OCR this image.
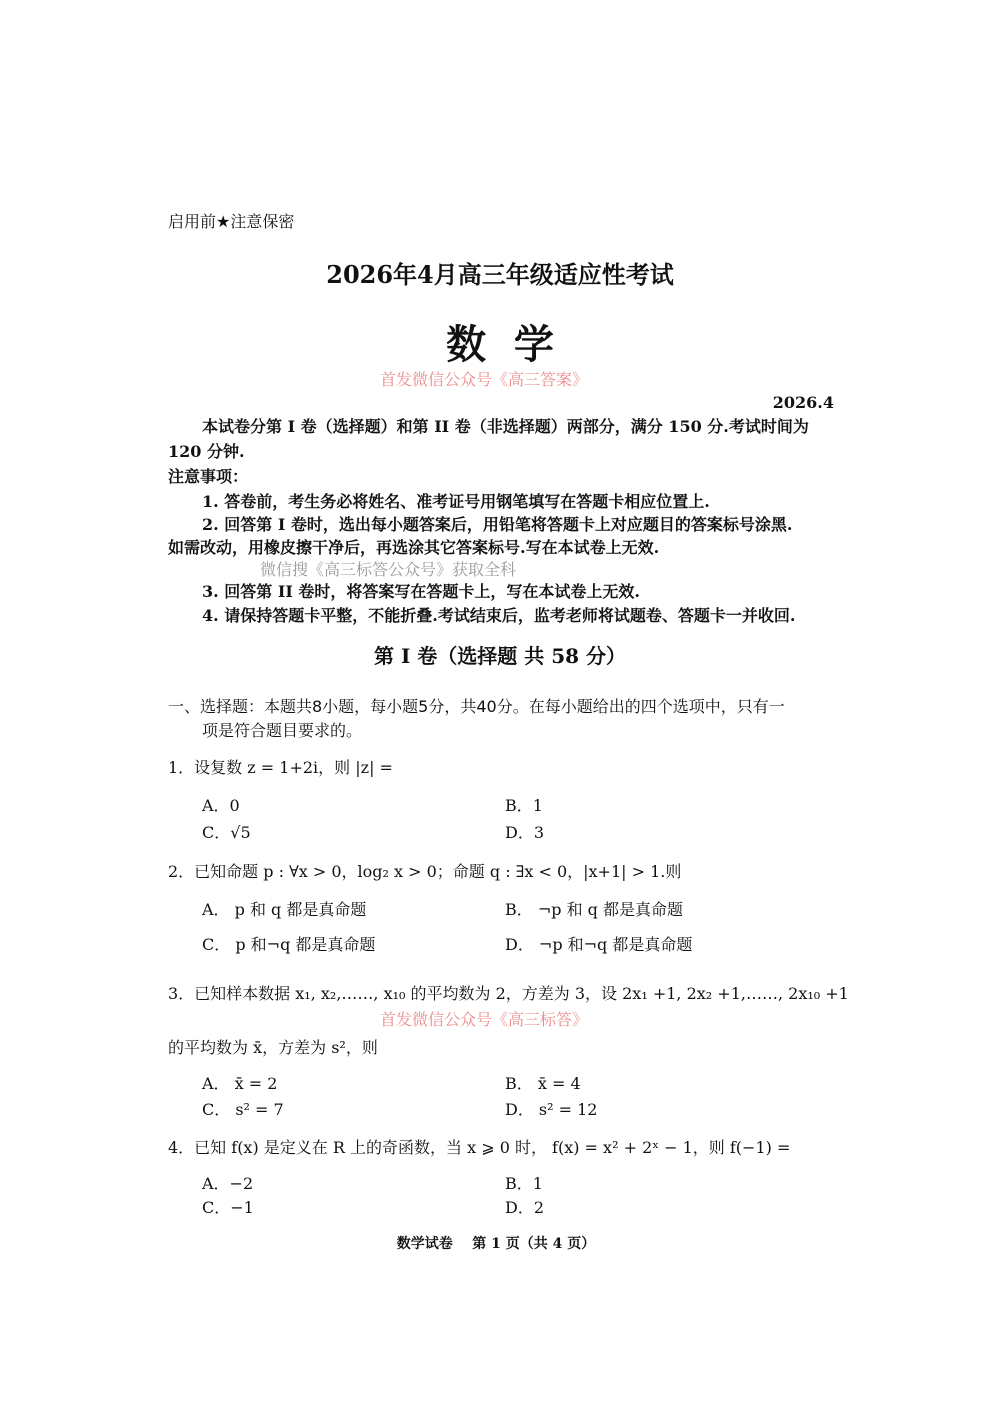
启用前★注意保密
2026年4月高三年级适应性考试
数  学
首发微信公众号《高三答案》
2026.4
本试卷分第 I 卷（选择题）和第 II 卷（非选择题）两部分，满分 150 分.考试时间为
120 分钟.
注意事项：
1. 答卷前，考生务必将姓名、准考证号用钢笔填写在答题卡相应位置上.
2. 回答第 I 卷时，选出每小题答案后，用铅笔将答题卡上对应题目的答案标号涂黑.
如需改动，用橡皮擦干净后，再选涂其它答案标号.写在本试卷上无效.
微信搜《高三标答公众号》获取全科
3. 回答第 II 卷时，将答案写在答题卡上，写在本试卷上无效.
4. 请保持答题卡平整，不能折叠.考试结束后，监考老师将试题卷、答题卡一并收回.
第 I 卷（选择题 共 58 分）
一、选择题：本题共8小题，每小题5分，共40分。在每小题给出的四个选项中，只有一
项是符合题目要求的。
1．设复数 z = 1+2i，则 |z| =
A．0	B．1
C．√5	D．3
2．已知命题 p : ∀x > 0，log₂ x > 0；命题 q : ∃x < 0，|x+1| > 1.则
A． p 和 q 都是真命题	B． ¬p 和 q 都是真命题
C． p 和¬q 都是真命题	D． ¬p 和¬q 都是真命题
3．已知样本数据 x₁, x₂,……, x₁₀ 的平均数为 2，方差为 3，设 2x₁ +1, 2x₂ +1,……, 2x₁₀ +1
首发微信公众号《高三标答》
的平均数为 x̄，方差为 s²，则
A． x̄ = 2	B． x̄ = 4
C． s² = 7	D． s² = 12
4．已知 f(x) 是定义在 R 上的奇函数，当 x ⩾ 0 时， f(x) = x² + 2ˣ − 1，则 f(−1) =
A．−2	B．1
C．−1	D．2
数学试卷    第 1 页（共 4 页）
